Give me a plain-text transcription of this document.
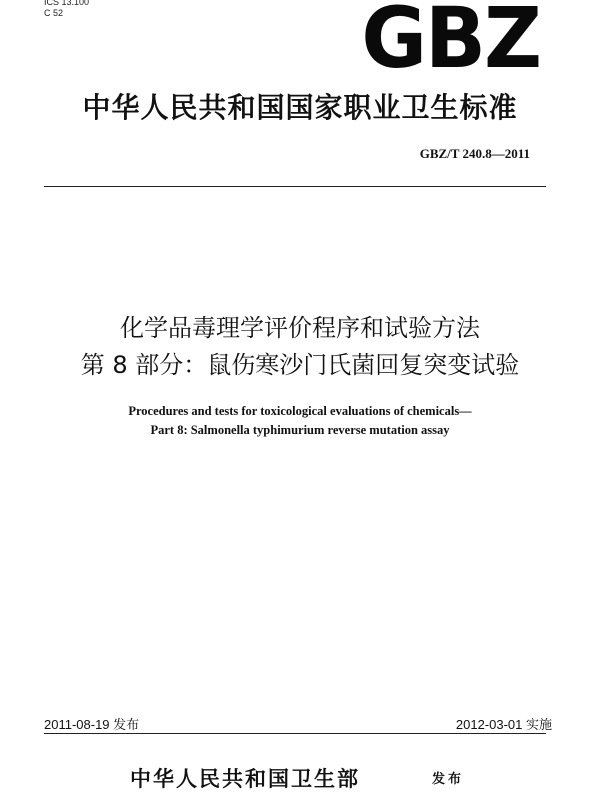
ICS 13.100
C 52	GBZ
中华人民共和国国家职业卫生标准
GBZ/T 240.8—2011
化学品毒理学评价程序和试验方法
第 8 部分：鼠伤寒沙门氏菌回复突变试验
Procedures and tests for toxicological evaluations of chemicals—
Part 8: Salmonella typhimurium reverse mutation assay
2011-08-19 发布	2012-03-01 实施
中华人民共和国卫生部	发布
